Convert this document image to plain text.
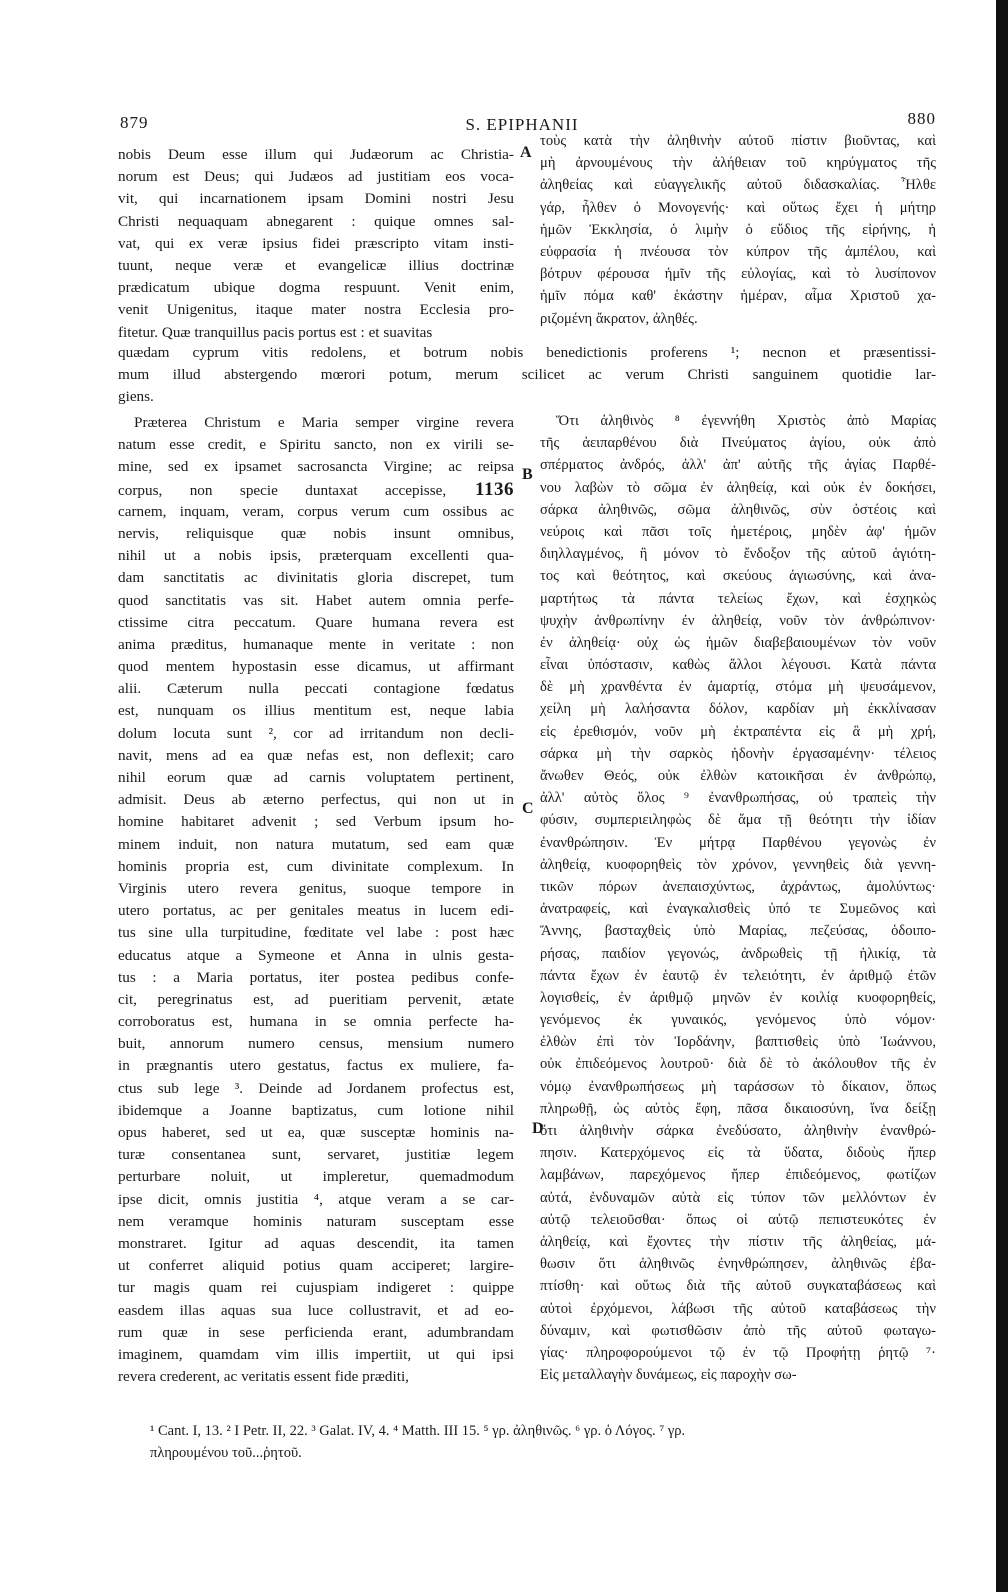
879	S. EPIPHANII	880
nobis Deum esse illum qui Judæorum ac Christia-
norum est Deus; qui Judæos ad justitiam eos voca-
vit, qui incarnationem ipsam Domini nostri Jesu
Christi nequaquam abnegarent : quique omnes sal-
vat, qui ex veræ ipsius fidei præscripto vitam insti-
tuunt, neque veræ et evangelicæ illius doctrinæ
prædicatum ubique dogma respuunt. Venit enim,
venit Unigenitus, itaque mater nostra Ecclesia pro-
fitetur. Quæ tranquillus pacis portus est : et suavitas
τοὺς κατὰ τὴν ἀληθινὴν αὐτοῦ πίστιν βιοῦντας, καὶ
μὴ ἀρνουμένους τὴν ἀλήθειαν τοῦ κηρύγματος τῆς
ἀληθείας καὶ εὐαγγελικῆς αὐτοῦ διδασκαλίας. Ἦλθε
γάρ, ἦλθεν ὁ Μονογενής· καὶ οὕτως ἔχει ἡ μήτηρ
ἡμῶν Ἐκκλησία, ὁ λιμὴν ὁ εὔδιος τῆς εἰρήνης, ἡ
εὐφρασία ἡ πνέουσα τὸν κύπρον τῆς ἀμπέλου, καὶ
βότρυν φέρουσα ἡμῖν τῆς εὐλογίας, καὶ τὸ λυσίπονον
ἡμῖν πόμα καθ' ἑκάστην ἡμέραν, αἷμα Χριστοῦ χα-
ριζομένη ἄκρατον, ἀληθές.
quædam cyprum vitis redolens, et botrum nobis benedictionis proferens ¹; necnon et præsentissi-
mum illud abstergendo mœrori potum, merum scilicet ac verum Christi sanguinem quotidie lar-
giens.
Præterea Christum e Maria semper virgine revera
natum esse credit, e Spiritu sancto, non ex virili se-
mine, sed ex ipsamet sacrosancta Virgine; ac reipsa
corpus, non specie duntaxat accepisse, 1136
carnem, inquam, veram, corpus verum cum ossibus ac
nervis, reliquisque quæ nobis insunt omnibus,
nihil ut a nobis ipsis, præterquam excellenti qua-
dam sanctitatis ac divinitatis gloria discrepet, tum
quod sanctitatis vas sit. Habet autem omnia perfe-
ctissime citra peccatum. Quare humana revera est
anima præditus, humanaque mente in veritate : non
quod mentem hypostasin esse dicamus, ut affirmant
alii. Cæterum nulla peccati contagione fœdatus
est, nunquam os illius mentitum est, neque labia
dolum locuta sunt ², cor ad irritandum non decli-
navit, mens ad ea quæ nefas est, non deflexit; caro
nihil eorum quæ ad carnis voluptatem pertinent,
admisit. Deus ab æterno perfectus, qui non ut in
homine habitaret advenit ; sed Verbum ipsum ho-
minem induit, non natura mutatum, sed eam quæ
hominis propria est, cum divinitate complexum. In
Virginis utero revera genitus, suoque tempore in
utero portatus, ac per genitales meatus in lucem edi-
tus sine ulla turpitudine, fœditate vel labe : post hæc
educatus atque a Symeone et Anna in ulnis gesta-
tus : a Maria portatus, iter postea pedibus confe-
cit, peregrinatus est, ad pueritiam pervenit, ætate
corroboratus est, humana in se omnia perfecte ha-
buit, annorum numero census, mensium numero
in prægnantis utero gestatus, factus ex muliere, fa-
ctus sub lege ³. Deinde ad Jordanem profectus est,
ibidemque a Joanne baptizatus, cum lotione nihil
opus haberet, sed ut ea, quæ susceptæ hominis na-
turæ consentanea sunt, servaret, justitiæ legem
perturbare noluit, ut impleretur, quemadmodum
ipse dicit, omnis justitia ⁴, atque veram a se car-
nem veramque hominis naturam susceptam esse
monstraret. Igitur ad aquas descendit, ita tamen
ut conferret aliquid potius quam acciperet; largire-
tur magis quam rei cujuspiam indigeret : quippe
easdem illas aquas sua luce collustravit, et ad eo-
rum quæ in sese perficienda erant, adumbrandam
imaginem, quamdam vim illis impertiit, ut qui ipsi
revera crederent, ac veritatis essent fide præditi,
Ὅτι ἀληθινὸς ⁸ ἐγεννήθη Χριστὸς ἀπὸ Μαρίας
τῆς ἀειπαρθένου διὰ Πνεύματος ἁγίου, οὐκ ἀπὸ
σπέρματος ἀνδρός, ἀλλ' ἀπ' αὐτῆς τῆς ἁγίας Παρθέ-
νου λαβὼν τὸ σῶμα ἐν ἀληθείᾳ, καὶ οὐκ ἐν δοκήσει,
σάρκα ἀληθινῶς, σῶμα ἀληθινῶς, σὺν ὀστέοις καὶ
νεύροις καὶ πᾶσι τοῖς ἡμετέροις, μηδὲν ἀφ' ἡμῶν
διηλλαγμένος, ἢ μόνον τὸ ἔνδοξον τῆς αὐτοῦ ἁγιότη-
τος καὶ θεότητος, καὶ σκεύους ἁγιωσύνης, καὶ ἀνα-
μαρτήτως τὰ πάντα τελείως ἔχων, καὶ ἐσχηκὼς
ψυχὴν ἀνθρωπίνην ἐν ἀληθείᾳ, νοῦν τὸν ἀνθρώπινον·
ἐν ἀληθείᾳ· οὐχ ὡς ἡμῶν διαβεβαιουμένων τὸν νοῦν
εἶναι ὑπόστασιν, καθὼς ἄλλοι λέγουσι. Κατὰ πάντα
δὲ μὴ χρανθέντα ἐν ἁμαρτίᾳ, στόμα μὴ ψευσάμενον,
χείλη μὴ λαλήσαντα δόλον, καρδίαν μὴ ἐκκλίνασαν
εἰς ἐρεθισμόν, νοῦν μὴ ἐκτραπέντα εἰς ἃ μὴ χρή,
σάρκα μὴ τὴν σαρκὸς ἡδονὴν ἐργασαμένην· τέλειος
ἄνωθεν Θεός, οὐκ ἐλθὼν κατοικῆσαι ἐν ἀνθρώπῳ,
ἀλλ' αὐτὸς ὅλος ⁹ ἐνανθρωπήσας, οὐ τραπεὶς τὴν
φύσιν, συμπεριειληφὼς δὲ ἅμα τῇ θεότητι τὴν ἰδίαν
ἐνανθρώπησιν. Ἐν μήτρᾳ Παρθένου γεγονὼς ἐν
ἀληθείᾳ, κυοφορηθεὶς τὸν χρόνον, γεννηθεὶς διὰ γεννη-
τικῶν πόρων ἀνεπαισχύντως, ἀχράντως, ἀμολύντως·
ἀνατραφείς, καὶ ἐναγκαλισθεὶς ὑπό τε Συμεῶνος καὶ
Ἄννης, βασταχθεὶς ὑπὸ Μαρίας, πεζεύσας, ὁδοιπο-
ρήσας, παιδίον γεγονώς, ἀνδρωθεὶς τῇ ἡλικίᾳ, τὰ
πάντα ἔχων ἐν ἑαυτῷ ἐν τελειότητι, ἐν ἀριθμῷ ἐτῶν
λογισθείς, ἐν ἀριθμῷ μηνῶν ἐν κοιλίᾳ κυοφορηθείς,
γενόμενος ἐκ γυναικός, γενόμενος ὑπὸ νόμον·
ἐλθὼν ἐπὶ τὸν Ἰορδάνην, βαπτισθεὶς ὑπὸ Ἰωάννου,
οὐκ ἐπιδεόμενος λουτροῦ· διὰ δὲ τὸ ἀκόλουθον τῆς ἐν
νόμῳ ἐνανθρωπήσεως μὴ ταράσσων τὸ δίκαιον, ὅπως
πληρωθῇ, ὡς αὐτὸς ἔφη, πᾶσα δικαιοσύνη, ἵνα δείξῃ
ὅτι ἀληθινὴν σάρκα ἐνεδύσατο, ἀληθινὴν ἐνανθρώ-
πησιν. Κατερχόμενος εἰς τὰ ὕδατα, διδοὺς ἤπερ
λαμβάνων, παρεχόμενος ἤπερ ἐπιδεόμενος, φωτίζων
αὐτά, ἐνδυναμῶν αὐτὰ εἰς τύπον τῶν μελλόντων ἐν
αὐτῷ τελειοῦσθαι· ὅπως οἱ αὐτῷ πεπιστευκότες ἐν
ἀληθείᾳ, καὶ ἔχοντες τὴν πίστιν τῆς ἀληθείας, μά-
θωσιν ὅτι ἀληθινῶς ἐνηνθρώπησεν, ἀληθινῶς ἐβα-
πτίσθη· καὶ οὕτως διὰ τῆς αὐτοῦ συγκαταβάσεως καὶ
αὐτοὶ ἐρχόμενοι, λάβωσι τῆς αὐτοῦ καταβάσεως τὴν
δύναμιν, καὶ φωτισθῶσιν ἀπὸ τῆς αὐτοῦ φωταγω-
γίας· πληροφορούμενοι τῷ ἐν τῷ Προφήτῃ ῥητῷ ⁷·
Εἰς μεταλλαγὴν δυνάμεως, εἰς παροχὴν σω-
A
B
C
D
¹ Cant. I, 13. ² I Petr. II, 22. ³ Galat. IV, 4. ⁴ Matth. III 15. ⁵ γρ. ἀληθινῶς. ⁶ γρ. ὁ Λόγος. ⁷ γρ.
πληρουμένου τοῦ...ῥητοῦ.
